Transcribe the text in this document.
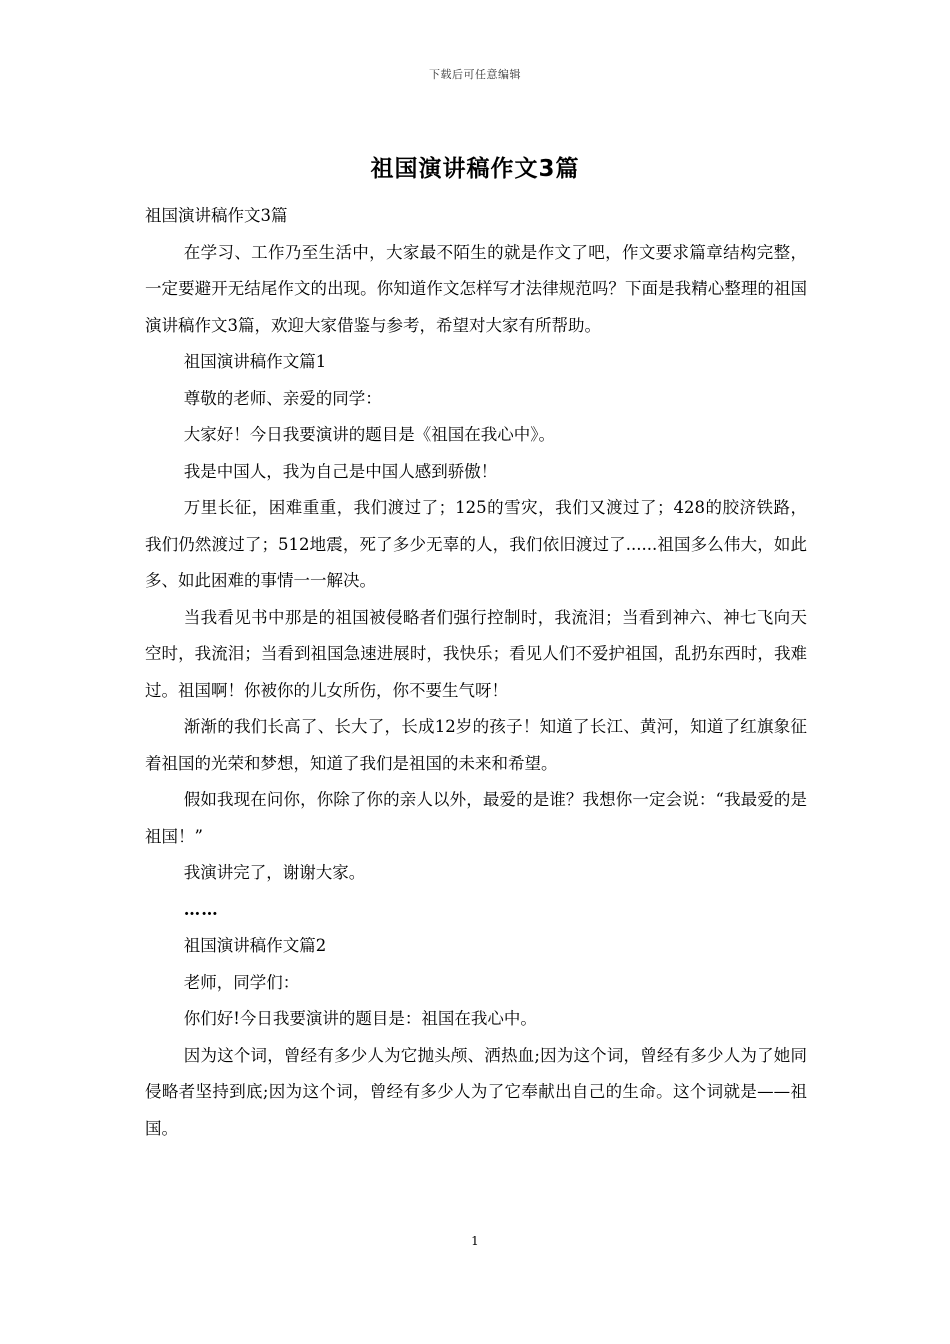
下载后可任意编辑
祖国演讲稿作文3篇

祖国演讲稿作文3篇

在学习、工作乃至生活中，大家最不陌生的就是作文了吧，作文要求篇章结构完整，一定要避开无结尾作文的出现。你知道作文怎样写才法律规范吗？下面是我精心整理的祖国演讲稿作文3篇，欢迎大家借鉴与参考，希望对大家有所帮助。

祖国演讲稿作文篇1

尊敬的老师、亲爱的同学：

大家好！今日我要演讲的题目是《祖国在我心中》。

我是中国人，我为自己是中国人感到骄傲！

万里长征，困难重重，我们渡过了；125的雪灾，我们又渡过了；428的胶济铁路，我们仍然渡过了；512地震，死了多少无辜的人，我们依旧渡过了......祖国多么伟大，如此多、如此困难的事情一一解决。

当我看见书中那是的祖国被侵略者们强行控制时，我流泪；当看到神六、神七飞向天空时，我流泪；当看到祖国急速进展时，我快乐；看见人们不爱护祖国，乱扔东西时，我难过。祖国啊！你被你的儿女所伤，你不要生气呀！

渐渐的我们长高了、长大了，长成12岁的孩子！知道了长江、黄河，知道了红旗象征着祖国的光荣和梦想，知道了我们是祖国的未来和希望。

假如我现在问你，你除了你的亲人以外，最爱的是谁？我想你一定会说：“我最爱的是祖国！”

我演讲完了，谢谢大家。

……

祖国演讲稿作文篇2

老师，同学们：

你们好!今日我要演讲的题目是：祖国在我心中。

因为这个词，曾经有多少人为它抛头颅、洒热血;因为这个词，曾经有多少人为了她同侵略者坚持到底;因为这个词，曾经有多少人为了它奉献出自己的生命。这个词就是——祖国。

1
